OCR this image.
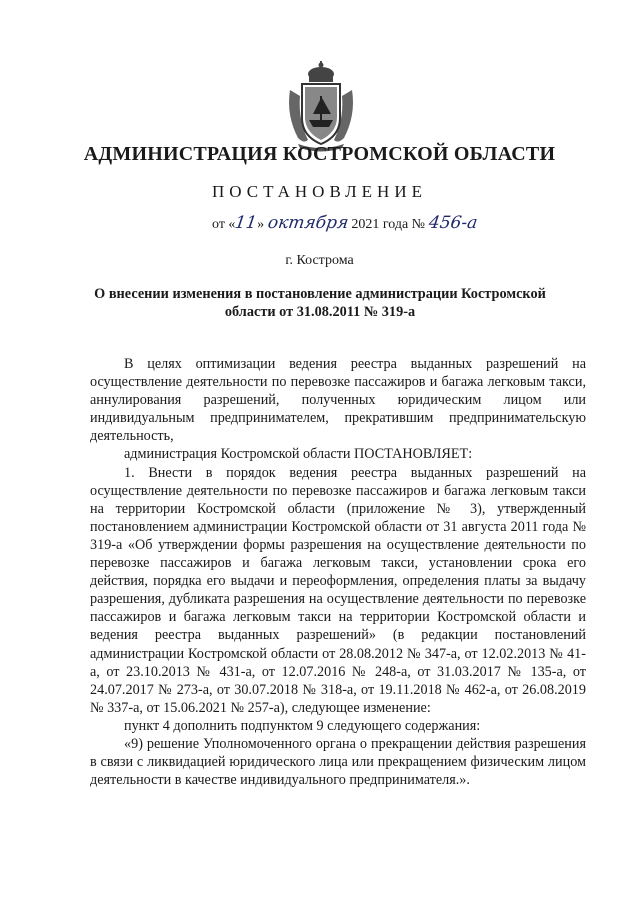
АДМИНИСТРАЦИЯ КОСТРОМСКОЙ ОБЛАСТИ
ПОСТАНОВЛЕНИЕ
от «11» октября 2021 года № 456-а
г. Кострома
О внесении изменения в постановление администрации Костромской области от 31.08.2011 № 319-а

В целях оптимизации ведения реестра выданных разрешений на осуществление деятельности по перевозке пассажиров и багажа легковым такси, аннулирования разрешений, полученных юридическим лицом или индивидуальным предпринимателем, прекратившим предпринимательскую деятельность,

администрация Костромской области ПОСТАНОВЛЯЕТ:

1. Внести в порядок ведения реестра выданных разрешений на осуществление деятельности по перевозке пассажиров и багажа легковым такси на территории Костромской области (приложение № 3), утвержденный постановлением администрации Костромской области от 31 августа 2011 года № 319-а «Об утверждении формы разрешения на осуществление деятельности по перевозке пассажиров и багажа легковым такси, установлении срока его действия, порядка его выдачи и переоформления, определения платы за выдачу разрешения, дубликата разрешения на осуществление деятельности по перевозке пассажиров и багажа легковым такси на территории Костромской области и ведения реестра выданных разрешений» (в редакции постановлений администрации Костромской области от 28.08.2012 № 347-а, от 12.02.2013 № 41-а, от 23.10.2013 № 431-а, от 12.07.2016 № 248-а, от 31.03.2017 № 135-а, от 24.07.2017 № 273-а, от 30.07.2018 № 318-а, от 19.11.2018 № 462-а, от 26.08.2019 № 337-а, от 15.06.2021 № 257-а), следующее изменение:

пункт 4 дополнить подпунктом 9 следующего содержания:

«9) решение Уполномоченного органа о прекращении действия разрешения в связи с ликвидацией юридического лица или прекращением физическим лицом деятельности в качестве индивидуального предпринимателя.».
